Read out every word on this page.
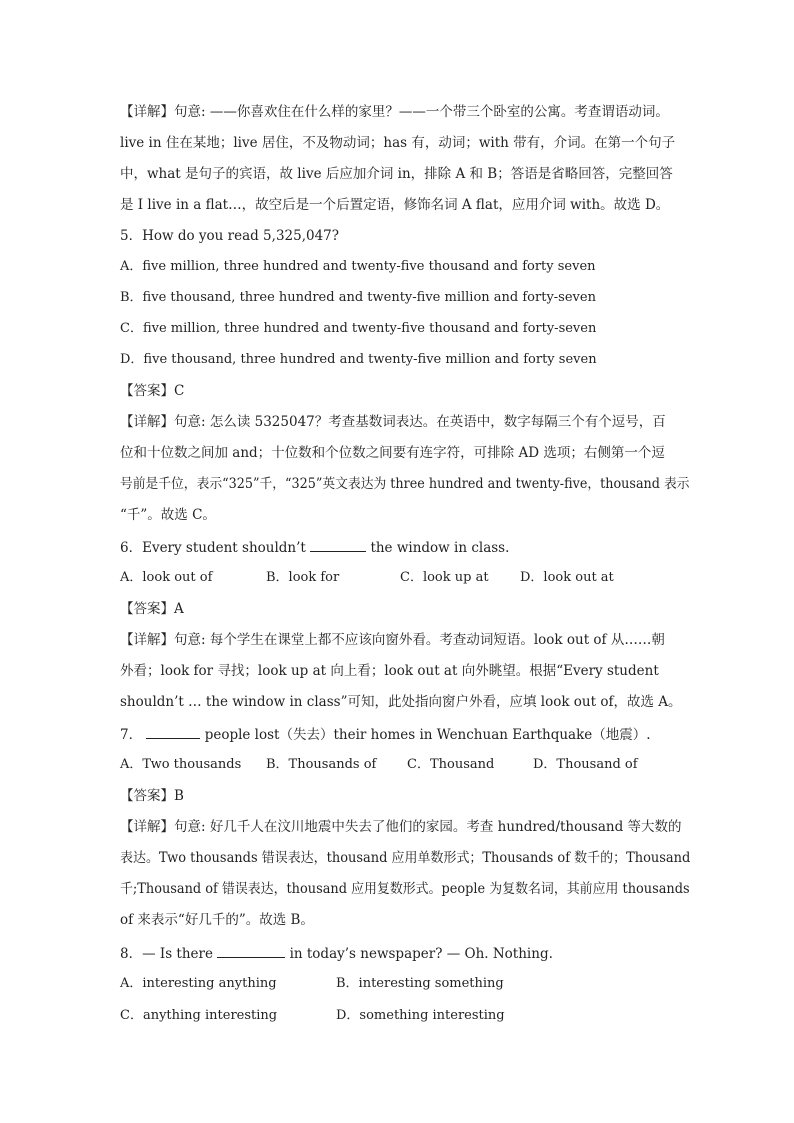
【详解】句意: ——你喜欢住在什么样的家里？——一个带三个卧室的公寓。考查谓语动词。
live in 住在某地；live 居住，不及物动词；has 有，动词；with 带有，介词。在第一个句子
中，what 是句子的宾语，故 live 后应加介词 in，排除 A 和 B；答语是省略回答，完整回答
是 I live in a flat…，故空后是一个后置定语，修饰名词 A flat，应用介词 with。故选 D。
5．How do you read 5,325,047?
A．five million, three hundred and twenty-five thousand and forty seven
B．five thousand, three hundred and twenty-five million and forty-seven
C．five million, three hundred and twenty-five thousand and forty-seven
D．five thousand, three hundred and twenty-five million and forty seven
【答案】C
【详解】句意: 怎么读 5325047？考查基数词表达。在英语中，数字每隔三个有个逗号，百
位和十位数之间加 and；十位数和个位数之间要有连字符，可排除 AD 选项；右侧第一个逗
号前是千位，表示“325”千，“325”英文表达为 three hundred and twenty-five，thousand 表示
“千”。故选 C。
6．Every student shouldn’t	the window in class.
A．look out of	B．look for	C．look up at D．look out at
【答案】A
【详解】句意: 每个学生在课堂上都不应该向窗外看。考查动词短语。look out of 从……朝
外看；look for 寻找；look up at 向上看；look out at 向外眺望。根据“Every student
shouldn’t … the window in class”可知，此处指向窗户外看，应填 look out of，故选 A。
7．	people lost（失去）their homes in Wenchuan Earthquake（地震）.
A．Two thousands B．Thousands of C．Thousand	D．Thousand of
【答案】B
【详解】句意: 好几千人在汶川地震中失去了他们的家园。考查 hundred/thousand 等大数的
表达。Two thousands 错误表达，thousand 应用单数形式；Thousands of 数千的；Thousand
千;Thousand of 错误表达，thousand 应用复数形式。people 为复数名词，其前应用 thousands
of 来表示“好几千的”。故选 B。
8．— Is there	in today’s newspaper? — Oh. Nothing.
A．interesting anything	B．interesting something
C．anything interesting	D．something interesting
